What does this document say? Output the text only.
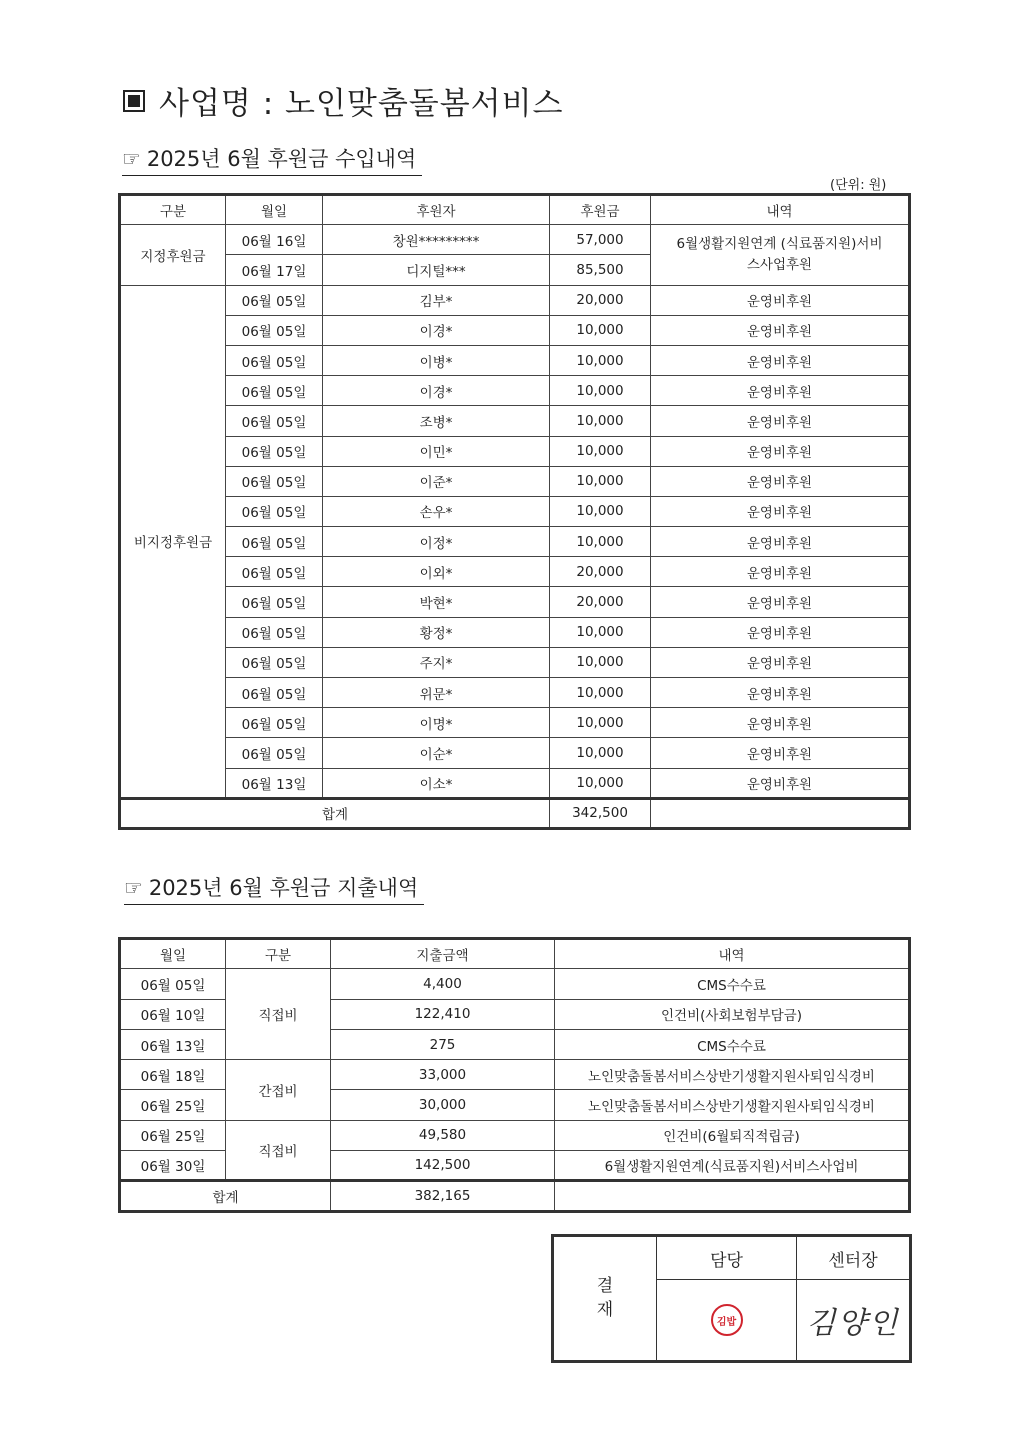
사업명 : 노인맞춤돌봄서비스
☞ 2025년 6월 후원금 수입내역
(단위: 원)
구분	월일	후원자	후원금	내역
지정후원금	06월 16일	창원*********	57,000	6월생활지원연계 (식료품지원)서비스사업후원
	06월 17일	디지털***	85,500	
비지정후원금	06월 05일	김부*	20,000	운영비후원
	06월 05일	이경*	10,000	운영비후원
	06월 05일	이병*	10,000	운영비후원
	06월 05일	이경*	10,000	운영비후원
	06월 05일	조병*	10,000	운영비후원
	06월 05일	이민*	10,000	운영비후원
	06월 05일	이준*	10,000	운영비후원
	06월 05일	손우*	10,000	운영비후원
	06월 05일	이정*	10,000	운영비후원
	06월 05일	이외*	20,000	운영비후원
	06월 05일	박현*	20,000	운영비후원
	06월 05일	황정*	10,000	운영비후원
	06월 05일	주지*	10,000	운영비후원
	06월 05일	위문*	10,000	운영비후원
	06월 05일	이명*	10,000	운영비후원
	06월 05일	이순*	10,000	운영비후원
	06월 13일	이소*	10,000	운영비후원
합계			342,500	
☞ 2025년 6월 후원금 지출내역
월일	구분	지출금액	내역
06월 05일	직접비	4,400	CMS수수료
06월 10일		122,410	인건비(사회보험부담금)
06월 13일		275	CMS수수료
06월 18일	간접비	33,000	노인맞춤돌봄서비스상반기생활지원사퇴임식경비
06월 25일		30,000	노인맞춤돌봄서비스상반기생활지원사퇴임식경비
06월 25일	직접비	49,580	인건비(6월퇴직적립금)
06월 30일		142,500	6월생활지원연계(식료품지원)서비스사업비
합계		382,165	
결
재	담당	센터장
	김밥	김양인
